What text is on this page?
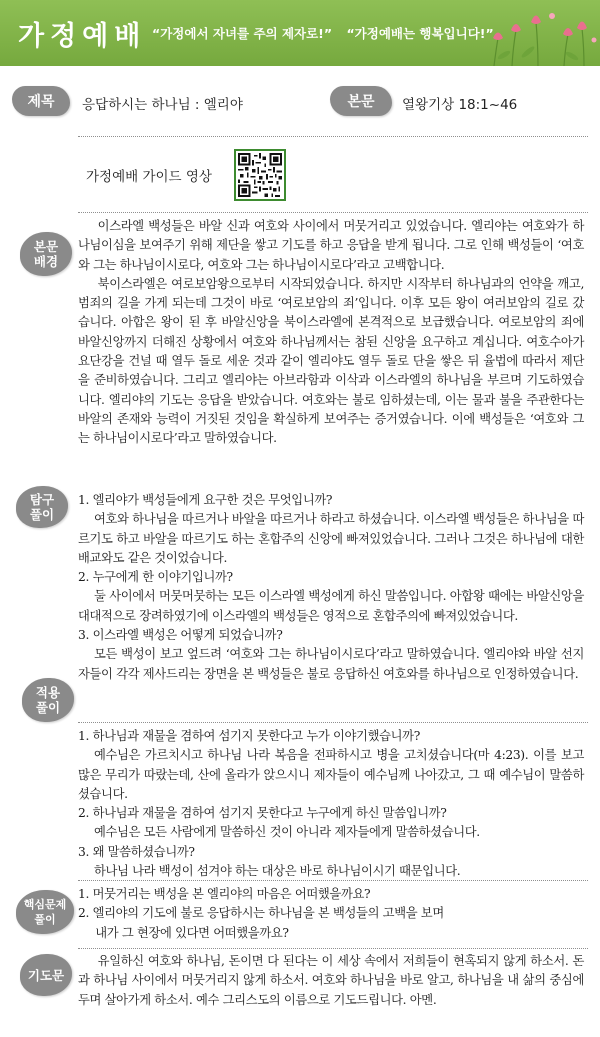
가정예배 “가정에서 자녀를 주의 제자로!” “가정예배는 행복입니다!”
제목 응답하시는 하나님 : 엘리야	본문 열왕기상 18:1~46
가정예배 가이드 영상
본문
배경

이스라엘 백성들은 바알 신과 여호와 사이에서 머뭇거리고 있었습니다. 엘리야는 여호와가 하나님이심을 보여주기 위해 제단을 쌓고 기도를 하고 응답을 받게 됩니다. 그로 인해 백성들이 ‘여호와 그는 하나님이시로다, 여호와 그는 하나님이시로다’라고 고백합니다.

북이스라엘은 여로보암왕으로부터 시작되었습니다. 하지만 시작부터 하나님과의 언약을 깨고, 범죄의 길을 가게 되는데 그것이 바로 ‘여로보암의 죄’입니다. 이후 모든 왕이 여러보암의 길로 갔습니다. 아합은 왕이 된 후 바알신앙을 북이스라엘에 본격적으로 보급했습니다. 여로보암의 죄에 바알신앙까지 더해진 상황에서 여호와 하나님께서는 참된 신앙을 요구하고 계십니다. 여호수아가 요단강을 건널 때 열두 돌로 세운 것과 같이 엘리야도 열두 돌로 단을 쌓은 뒤 율법에 따라서 제단을 준비하였습니다. 그리고 엘리야는 아브라함과 이삭과 이스라엘의 하나님을 부르며 기도하였습니다. 엘리야의 기도는 응답을 받았습니다. 여호와는 불로 임하셨는데, 이는 물과 불을 주관한다는 바알의 존재와 능력이 거짓된 것임을 확실하게 보여주는 증거였습니다. 이에 백성들은 ‘여호와 그는 하나님이시로다’라고 말하였습니다.

탐구
풀이

1. 엘리야가 백성들에게 요구한 것은 무엇입니까?

여호와 하나님을 따르거나 바알을 따르거나 하라고 하셨습니다. 이스라엘 백성들은 하나님을 따르기도 하고 바알을 따르기도 하는 혼합주의 신앙에 빠져있었습니다. 그러나 그것은 하나님에 대한 배교와도 같은 것이었습니다.

2. 누구에게 한 이야기입니까?

둘 사이에서 머뭇머뭇하는 모든 이스라엘 백성에게 하신 말씀입니다. 아합왕 때에는 바알신앙을 대대적으로 장려하였기에 이스라엘의 백성들은 영적으로 혼합주의에 빠져있었습니다.

3. 이스라엘 백성은 어떻게 되었습니까?

모든 백성이 보고 엎드려 ‘여호와 그는 하나님이시로다’라고 말하였습니다. 엘리야와 바알 선지자들이 각각 제사드리는 장면을 본 백성들은 불로 응답하신 여호와를 하나님으로 인정하였습니다.

적용
풀이

1. 하나님과 재물을 겸하여 섬기지 못한다고 누가 이야기했습니까?

예수님은 가르치시고 하나님 나라 복음을 전파하시고 병을 고치셨습니다(마 4:23). 이를 보고 많은 무리가 따랐는데, 산에 올라가 앉으시니 제자들이 예수님께 나아갔고, 그 때 예수님이 말씀하셨습니다.

2. 하나님과 재물을 겸하여 섬기지 못한다고 누구에게 하신 말씀입니까?

예수님은 모든 사람에게 말씀하신 것이 아니라 제자들에게 말씀하셨습니다.

3. 왜 말씀하셨습니까?

하나님 나라 백성이 섬겨야 하는 대상은 바로 하나님이시기 때문입니다.

핵심문제
풀이

1. 머뭇거리는 백성을 본 엘리야의 마음은 어떠했을까요?

2. 엘리야의 기도에 불로 응답하시는 하나님을 본 백성들의 고백을 보며

내가 그 현장에 있다면 어떠했을까요?

기도문

유일하신 여호와 하나님, 돈이면 다 된다는 이 세상 속에서 저희들이 현혹되지 않게 하소서. 돈과 하나님 사이에서 머뭇거리지 않게 하소서. 여호와 하나님을 바로 알고, 하나님을 내 삶의 중심에 두며 살아가게 하소서. 예수 그리스도의 이름으로 기도드립니다. 아멘.
